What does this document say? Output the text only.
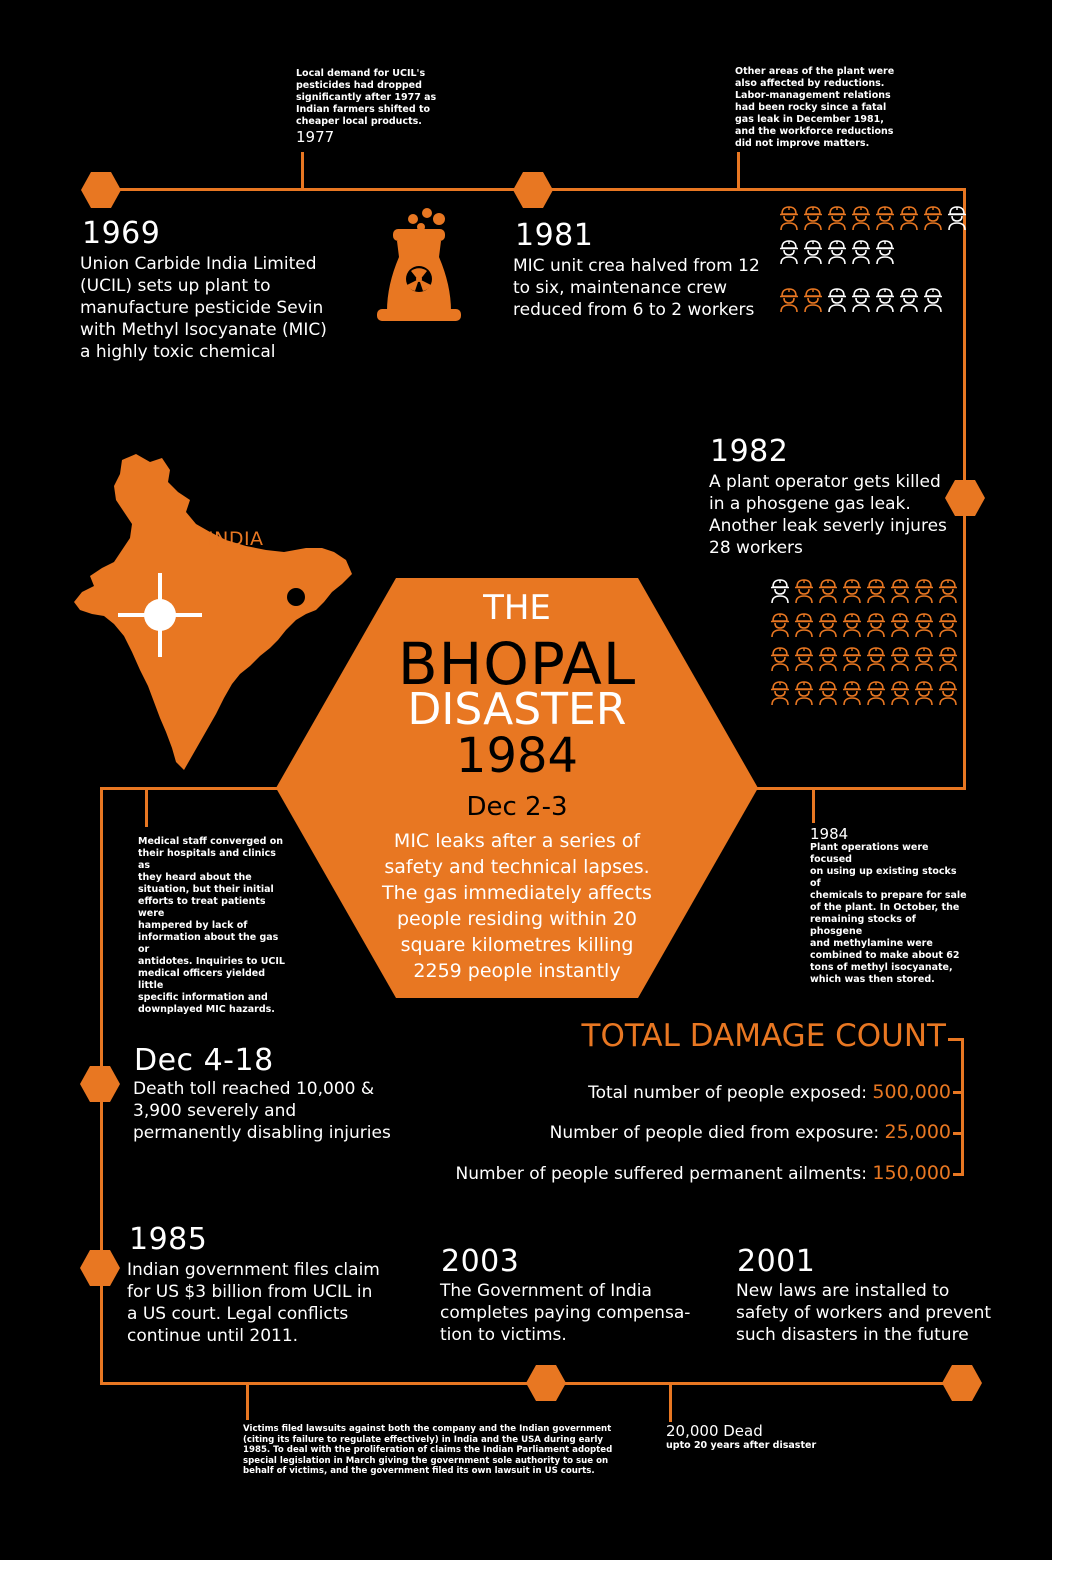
Local demand for UCIL's
pesticides had dropped
significantly after 1977 as
Indian farmers shifted to
cheaper local products.
1977
Other areas of the plant were
also affected by reductions.
Labor-management relations
had been rocky since a fatal
gas leak in December 1981,
and the workforce reductions
did not improve matters.
1969
Union Carbide India Limited
(UCIL) sets up plant to
manufacture pesticide Sevin
with Methyl Isocyanate (MIC)
a highly toxic chemical
1981
MIC unit crea halved from 12
to six, maintenance crew
reduced from 6 to 2 workers
1982
A plant operator gets killed
in a phosgene gas leak.
Another leak severly injures
28 workers
INDIA
THE
BHOPAL
DISASTER
1984
Dec 2-3
MIC leaks after a series of
safety and technical lapses.
The gas immediately affects
people residing within 20
square kilometres killing
2259 people instantly
Medical staff converged on
their hospitals and clinics as
they heard about the
situation, but their initial
efforts to treat patients were
hampered by lack of
information about the gas or
antidotes. Inquiries to UCIL
medical officers yielded little
specific information and
downplayed MIC hazards.
1984
Plant operations were focused
on using up existing stocks of
chemicals to prepare for sale
of the plant. In October, the
remaining stocks of phosgene
and methylamine were
combined to make about 62
tons of methyl isocyanate,
which was then stored.
Dec 4-18
Death toll reached 10,000 &
3,900 severely and
permanently disabling injuries
TOTAL DAMAGE COUNT
Total number of people exposed: 500,000
Number of people died from exposure: 25,000
Number of people suffered permanent ailments: 150,000
1985
Indian government files claim
for US $3 billion from UCIL in
a US court. Legal conflicts
continue until 2011.
2003
The Government of India
completes paying compensa-
tion to victims.
2001
New laws are installed to
safety of workers and prevent
such disasters in the future
Victims filed lawsuits against both the company and the Indian government
(citing its failure to regulate effectively) in India and the USA during early
1985. To deal with the proliferation of claims the Indian Parliament adopted
special legislation in March giving the government sole authority to sue on
behalf of victims, and the government filed its own lawsuit in US courts.
20,000 Dead
upto 20 years after disaster
